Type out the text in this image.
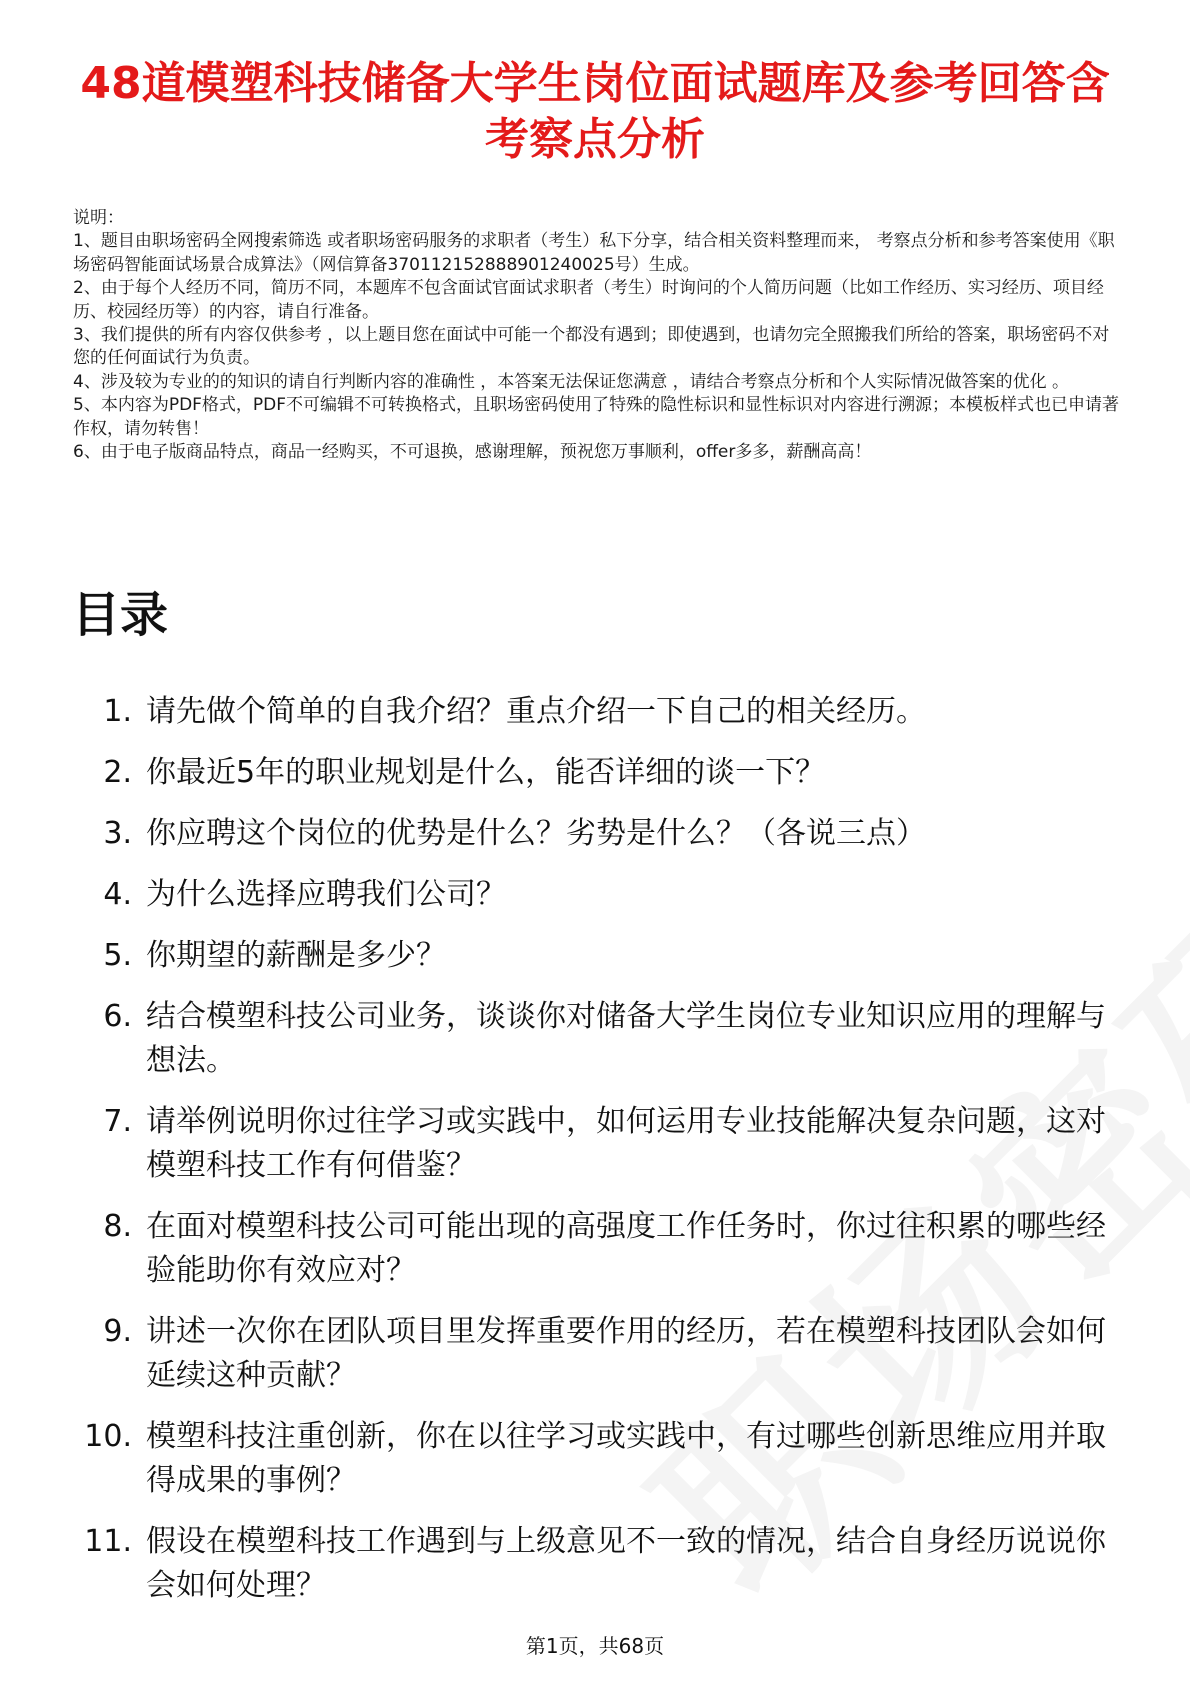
48道模塑科技储备大学生岗位面试题库及参考回答含考察点分析

说明：

1、题目由职场密码全网搜索筛选 或者职场密码服务的求职者（考生）私下分享，结合相关资料整理而来， 考察点分析和参考答案使用《职场密码智能面试场景合成算法》（网信算备370112152888901240025号）生成。

2、由于每个人经历不同，简历不同，本题库不包含面试官面试求职者（考生）时询问的个人简历问题（比如工作经历、实习经历、项目经历、校园经历等）的内容，请自行准备。

3、我们提供的所有内容仅供参考 ，以上题目您在面试中可能一个都没有遇到；即使遇到，也请勿完全照搬我们所给的答案，职场密码不对您的任何面试行为负责。

4、涉及较为专业的的知识的请自行判断内容的准确性 ，本答案无法保证您满意 ，请结合考察点分析和个人实际情况做答案的优化 。

5、本内容为PDF格式，PDF不可编辑不可转换格式，且职场密码使用了特殊的隐性标识和显性标识对内容进行溯源；本模板样式也已申请著作权，请勿转售！

6、由于电子版商品特点，商品一经购买，不可退换，感谢理解，预祝您万事顺利，offer多多，薪酬高高！

目录
1. 请先做个简单的自我介绍？重点介绍一下自己的相关经历。
2. 你最近5年的职业规划是什么，能否详细的谈一下？
3. 你应聘这个岗位的优势是什么？劣势是什么？（各说三点）
4. 为什么选择应聘我们公司？
5. 你期望的薪酬是多少？
6. 结合模塑科技公司业务，谈谈你对储备大学生岗位专业知识应用的理解与想法。
7. 请举例说明你过往学习或实践中，如何运用专业技能解决复杂问题，这对模塑科技工作有何借鉴？
8. 在面对模塑科技公司可能出现的高强度工作任务时，你过往积累的哪些经验能助你有效应对？
9. 讲述一次你在团队项目里发挥重要作用的经历，若在模塑科技团队会如何延续这种贡献？
10. 模塑科技注重创新，你在以往学习或实践中，有过哪些创新思维应用并取得成果的事例？
11. 假设在模塑科技工作遇到与上级意见不一致的情况，结合自身经历说说你会如何处理？
第1页，共68页
